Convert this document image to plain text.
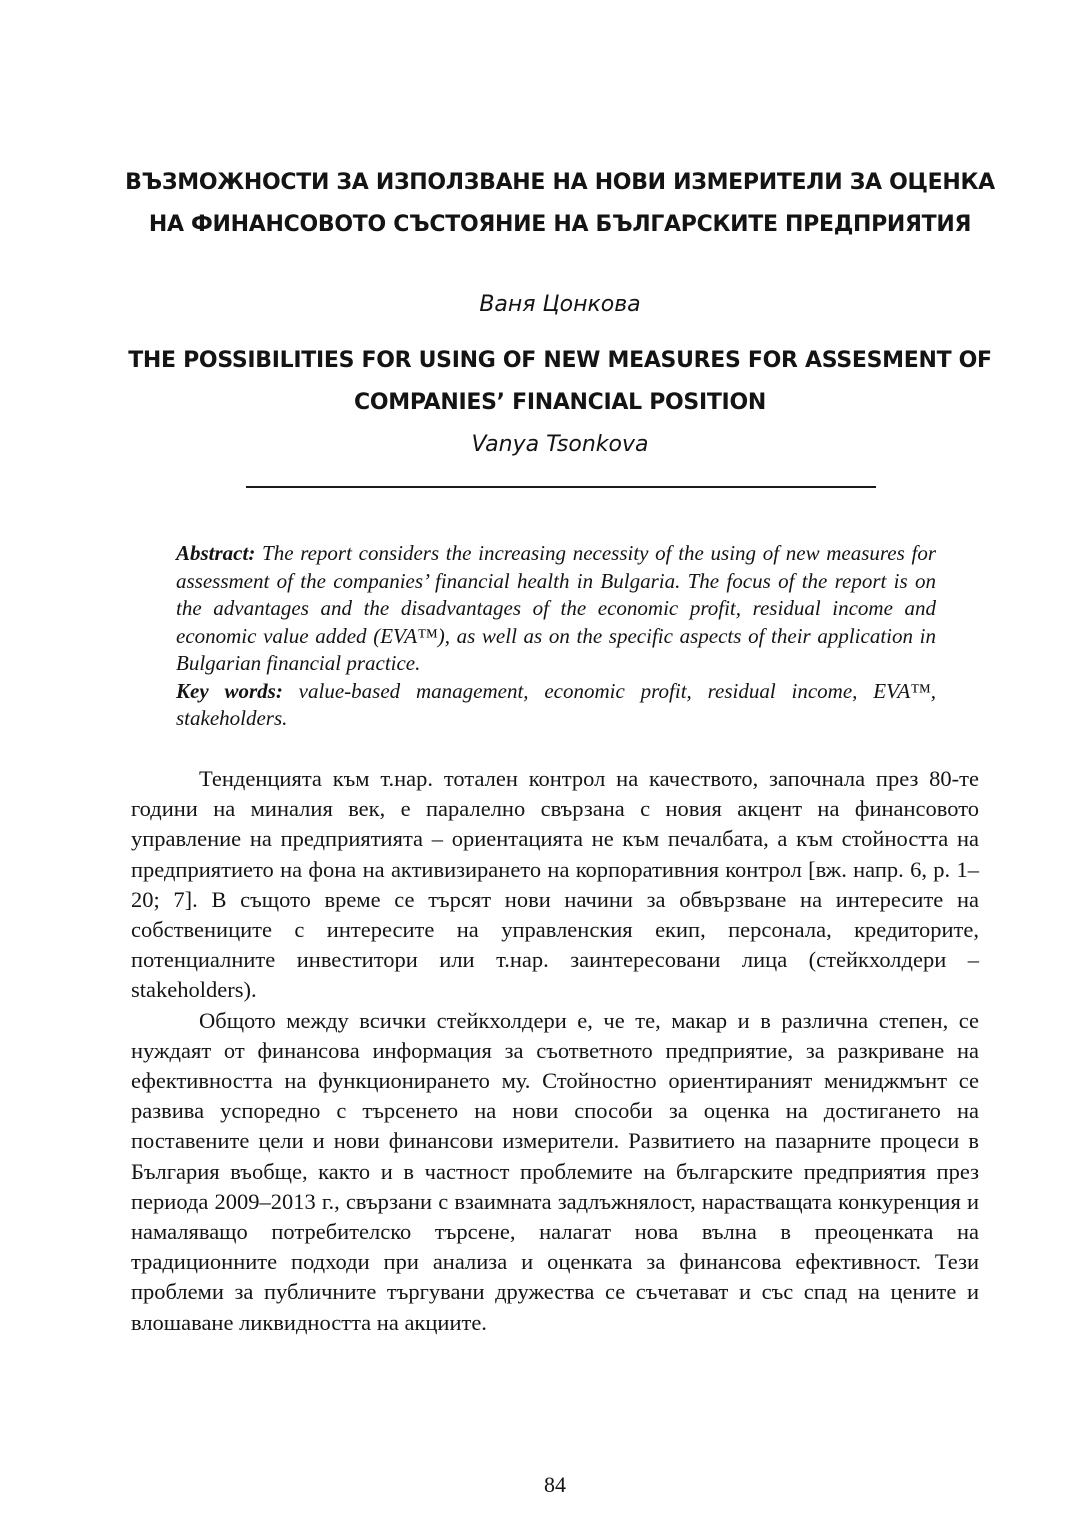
ВЪЗМОЖНОСТИ ЗА ИЗПОЛЗВАНЕ НА НОВИ ИЗМЕРИТЕЛИ ЗА ОЦЕНКА НА ФИНАНСОВОТО СЪСТОЯНИЕ НА БЪЛГАРСКИТЕ ПРЕДПРИЯТИЯ
Ваня Цонкова
THE POSSIBILITIES FOR USING OF NEW MEASURES FOR ASSESMENT OF COMPANIES’ FINANCIAL POSITION
Vanya Tsonkova

Abstract: The report considers the increasing necessity of the using of new measures for assessment of the companies’ financial health in Bulgaria. The focus of the report is on the advantages and the disadvantages of the economic profit, residual income and economic value added (EVA™), as well as on the specific aspects of their application in Bulgarian financial practice.

Key words: value-based management, economic profit, residual income, EVA™, stakeholders.

Тенденцията към т.нар. тотален контрол на качеството, започнала през 80-те години на миналия век, е паралелно свързана с новия акцент на финансовото управление на предприятията – ориентацията не към печалбата, а към стойността на предприятието на фона на активизирането на корпоративния контрол [вж. напр. 6, p. 1–20; 7]. В същото време се търсят нови начини за обвързване на интересите на собствениците с интересите на управленския екип, персонала, кредиторите, потенциалните инвеститори или т.нар. заинтересовани лица (стейкхолдери – stakeholders).

Общото между всички стейкхолдери е, че те, макар и в различна степен, се нуждаят от финансова информация за съответното предприятие, за разкриване на ефективността на функционирането му. Стойностно ориентираният мениджмънт се развива успоредно с търсенето на нови способи за оценка на достигането на поставените цели и нови финансови измерители. Развитието на пазарните процеси в България въобще, както и в частност проблемите на българските предприятия през периода 2009–2013 г., свързани с взаимната задлъжнялост, нарастващата конкуренция и намаляващо потребителско търсене, налагат нова вълна в преоценката на традиционните подходи при анализа и оценката за финансова ефективност. Тези проблеми за публичните търгувани дружества се съчетават и със спад на цените и влошаване ликвидността на акциите.

84
